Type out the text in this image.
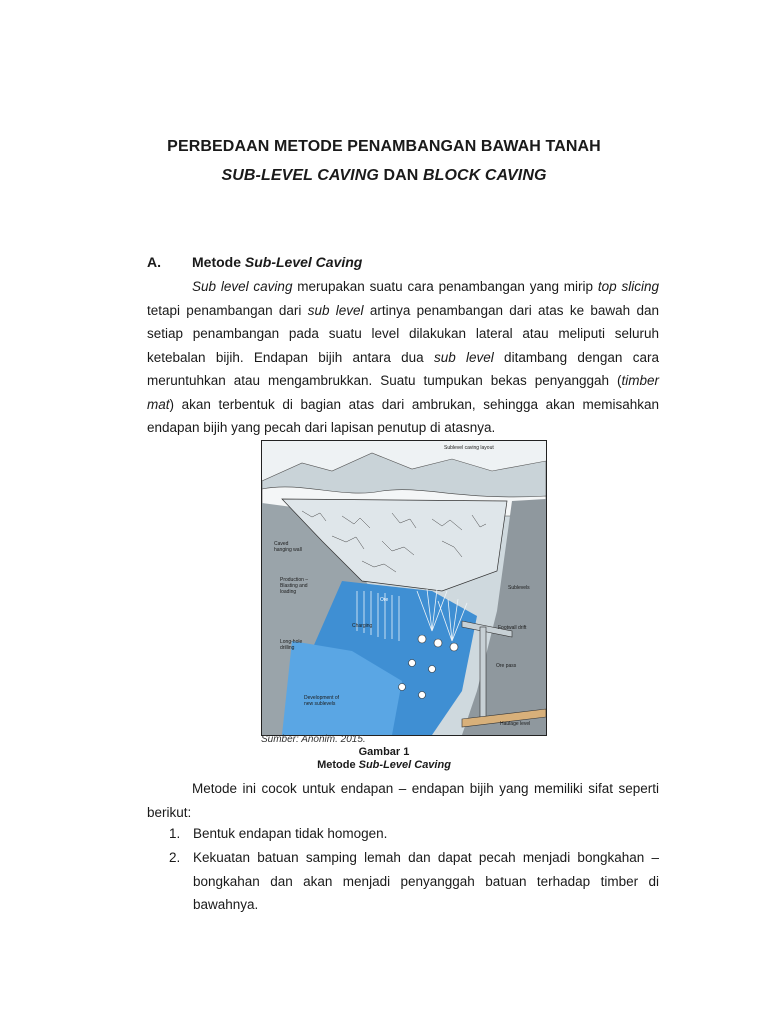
PERBEDAAN METODE PENAMBANGAN BAWAH TANAH
SUB-LEVEL CAVING DAN BLOCK CAVING
A. Metode Sub-Level Caving

Sub level caving merupakan suatu cara penambangan yang mirip top slicing tetapi penambangan dari sub level artinya penambangan dari atas ke bawah dan setiap penambangan pada suatu level dilakukan lateral atau meliputi seluruh ketebalan bijih. Endapan bijih antara dua sub level ditambang dengan cara meruntuhkan atau mengambrukkan. Suatu tumpukan bekas penyanggah (timber mat) akan terbentuk di bagian atas dari ambrukan, sehingga akan memisahkan endapan bijih yang pecah dari lapisan penutup di atasnya.

Sublevel caving layout
Caved
hanging wall
Production –
Blasting and
loading
Ore
Charging
Long-hole
drilling
Development of
new sublevels
Sublevels
Footwall drift
Ore pass
Haulage level
Sumber: Anonim. 2015.
Gambar 1
Metode Sub-Level Caving

Metode ini cocok untuk endapan – endapan bijih yang memiliki sifat seperti berikut:

1. Bentuk endapan tidak homogen.
2. Kekuatan batuan samping lemah dan dapat pecah menjadi bongkahan – bongkahan dan akan menjadi penyanggah batuan terhadap timber di bawahnya.
